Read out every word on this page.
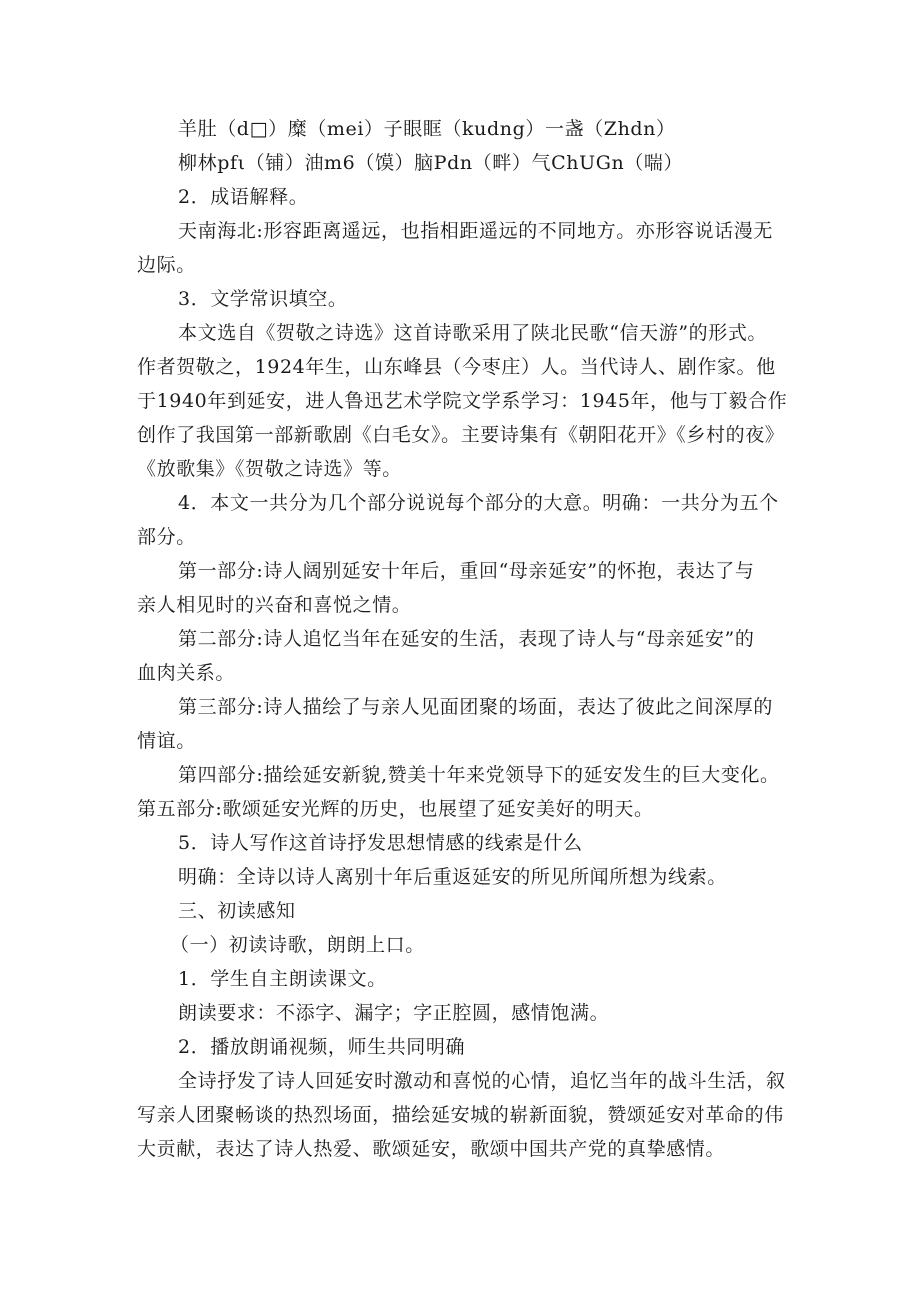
羊肚（d□）糜（mei）子眼眶（kudng）一盏（Zhdn）
柳林pfι（铺）油m6（馍）脑Pdn（畔）气ChUGn（喘）
2．成语解释。
天南海北:形容距离遥远，也指相距遥远的不同地方。亦形容说话漫无
边际。
3．文学常识填空。
本文选自《贺敬之诗选》这首诗歌采用了陕北民歌“信天游”的形式。
作者贺敬之，1924年生，山东峰县（今枣庄）人。当代诗人、剧作家。他
于1940年到延安，进人鲁迅艺术学院文学系学习：1945年，他与丁毅合作
创作了我国第一部新歌剧《白毛女》。主要诗集有《朝阳花开》《乡村的夜》
《放歌集》《贺敬之诗选》等。
4．本文一共分为几个部分说说每个部分的大意。明确：一共分为五个
部分。
第一部分:诗人阔别延安十年后，重回“母亲延安”的怀抱，表达了与
亲人相见时的兴奋和喜悦之情。
第二部分:诗人追忆当年在延安的生活，表现了诗人与“母亲延安”的
血肉关系。
第三部分:诗人描绘了与亲人见面团聚的场面，表达了彼此之间深厚的
情谊。
第四部分:描绘延安新貌,赞美十年来党领导下的延安发生的巨大变化。
第五部分:歌颂延安光辉的历史，也展望了延安美好的明天。
5．诗人写作这首诗抒发思想情感的线索是什么
明确：全诗以诗人离别十年后重返延安的所见所闻所想为线索。
三、初读感知
（一）初读诗歌，朗朗上口。
1．学生自主朗读课文。
朗读要求：不添字、漏字；字正腔圆，感情饱满。
2．播放朗诵视频，师生共同明确
全诗抒发了诗人回延安时激动和喜悦的心情，追忆当年的战斗生活，叙
写亲人团聚畅谈的热烈场面，描绘延安城的崭新面貌，赞颂延安对革命的伟
大贡献，表达了诗人热爱、歌颂延安，歌颂中国共产党的真挚感情。
